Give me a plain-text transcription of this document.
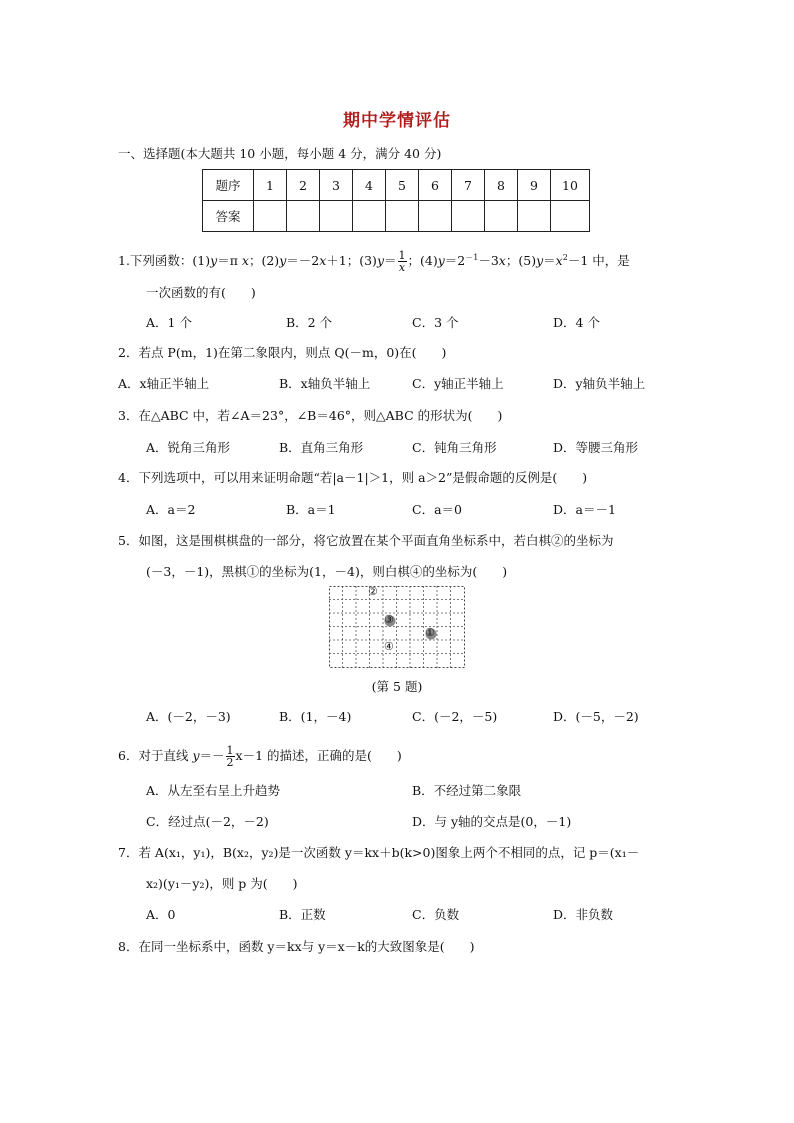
期中学情评估
一、选择题(本大题共 10 小题，每小题 4 分，满分 40 分)
题序	1	2	3	4	5	6	7	8	9	10
答案										
1.下列函数：(1)y＝π x；(2)y＝－2x＋1；$(3)y= \frac{1}{x}$ ；$(4)y=2^{-1}-3x$；$(5)y=x^2-1$ 中，是
一次函数的有(　　)
A．1 个	B．2 个	C．3 个	D．4 个
2．若点 P(m，1)在第二象限内，则点 Q(－m，0)在(　　)
A．x轴正半轴上	B．x轴负半轴上	C．y轴正半轴上	D．y轴负半轴上
3．在△ABC 中，若∠A＝23°，∠B＝46°，则△ABC 的形状为(　　)
A．锐角三角形	B．直角三角形	C．钝角三角形	D．等腰三角形
4．下列选项中，可以用来证明命题“若|a－1|＞1，则 a＞2”是假命题的反例是(　　)
A．a＝2	B．a＝1	C．a＝0	D．a＝－1
5．如图，这是围棋棋盘的一部分，将它放置在某个平面直角坐标系中，若白棋②的坐标为
(－3，－1)，黑棋①的坐标为(1，－4)，则白棋④的坐标为(　　)
②
③
①
④
(第 5 题)
A．(－2，－3)	B．(1，－4)	C．(－2，－5)	D．(－5，－2)
6．对于直线 $y=- \frac{1}{2} x-1$ 的描述，正确的是(　　)
A．从左至右呈上升趋势	B．不经过第二象限
C．经过点(－2，－2)	D．与 y轴的交点是(0，－1)
7．若 A(x₁，y₁)，B(x₂，y₂)是一次函数 y＝kx＋b(k>0)图象上两个不相同的点，记 p＝(x₁－
x₂)(y₁－y₂)，则 p 为(　　)
A．0	B．正数	C．负数	D．非负数
8．在同一坐标系中，函数 y＝kx与 y＝x－k的大致图象是(　　)
